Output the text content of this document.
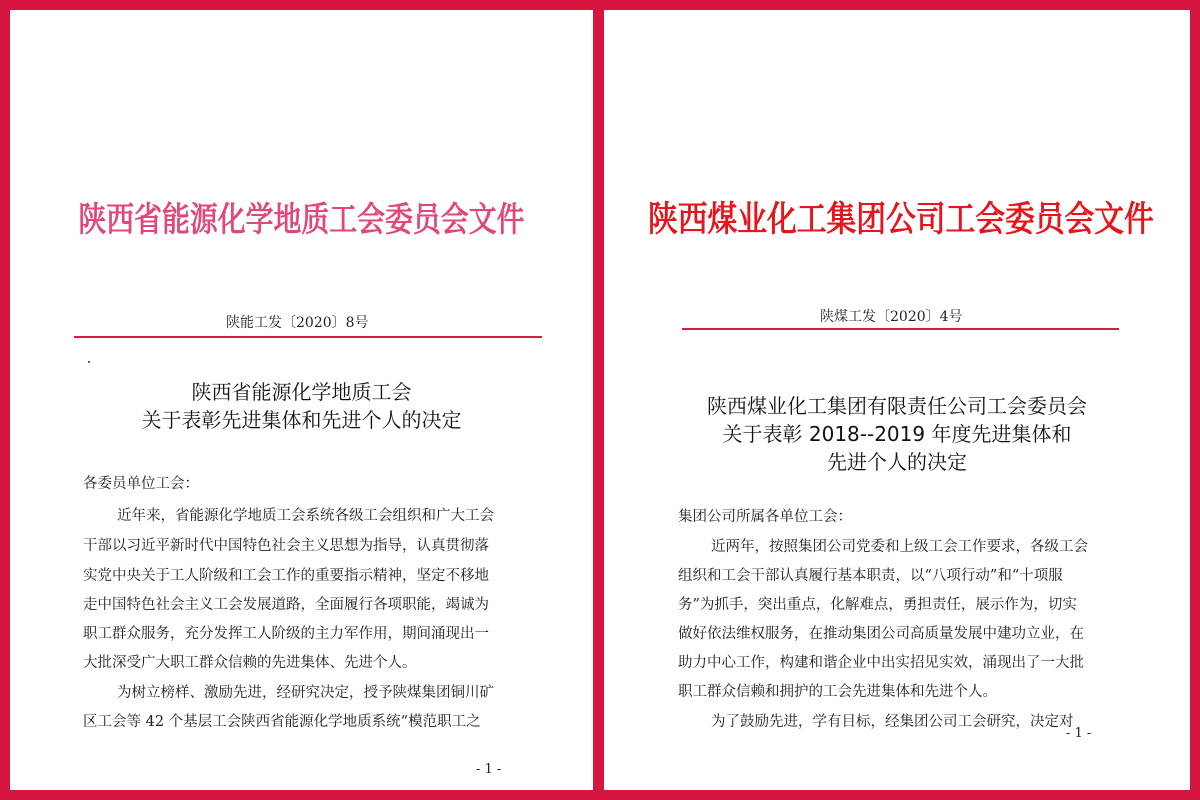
陕西省能源化学地质工会委员会文件
陕能工发〔2020〕8号
陕西省能源化学地质工会
关于表彰先进集体和先进个人的决定
各委员单位工会：
近年来，省能源化学地质工会系统各级工会组织和广大工会
干部以习近平新时代中国特色社会主义思想为指导，认真贯彻落
实党中央关于工人阶级和工会工作的重要指示精神，坚定不移地
走中国特色社会主义工会发展道路，全面履行各项职能，竭诚为
职工群众服务，充分发挥工人阶级的主力军作用，期间涌现出一
大批深受广大职工群众信赖的先进集体、先进个人。
为树立榜样、激励先进，经研究决定，授予陕煤集团铜川矿
区工会等 42 个基层工会陕西省能源化学地质系统“模范职工之
- 1 -
陕西煤业化工集团公司工会委员会文件
陕煤工发〔2020〕4号
陕西煤业化工集团有限责任公司工会委员会
关于表彰 2018--2019 年度先进集体和
先进个人的决定
集团公司所属各单位工会：
近两年，按照集团公司党委和上级工会工作要求，各级工会
组织和工会干部认真履行基本职责，以“八项行动”和“十项服
务”为抓手，突出重点，化解难点，勇担责任，展示作为，切实
做好依法维权服务，在推动集团公司高质量发展中建功立业，在
助力中心工作，构建和谐企业中出实招见实效，涌现出了一大批
职工群众信赖和拥护的工会先进集体和先进个人。
为了鼓励先进，学有目标，经集团公司工会研究，决定对
- 1 -
